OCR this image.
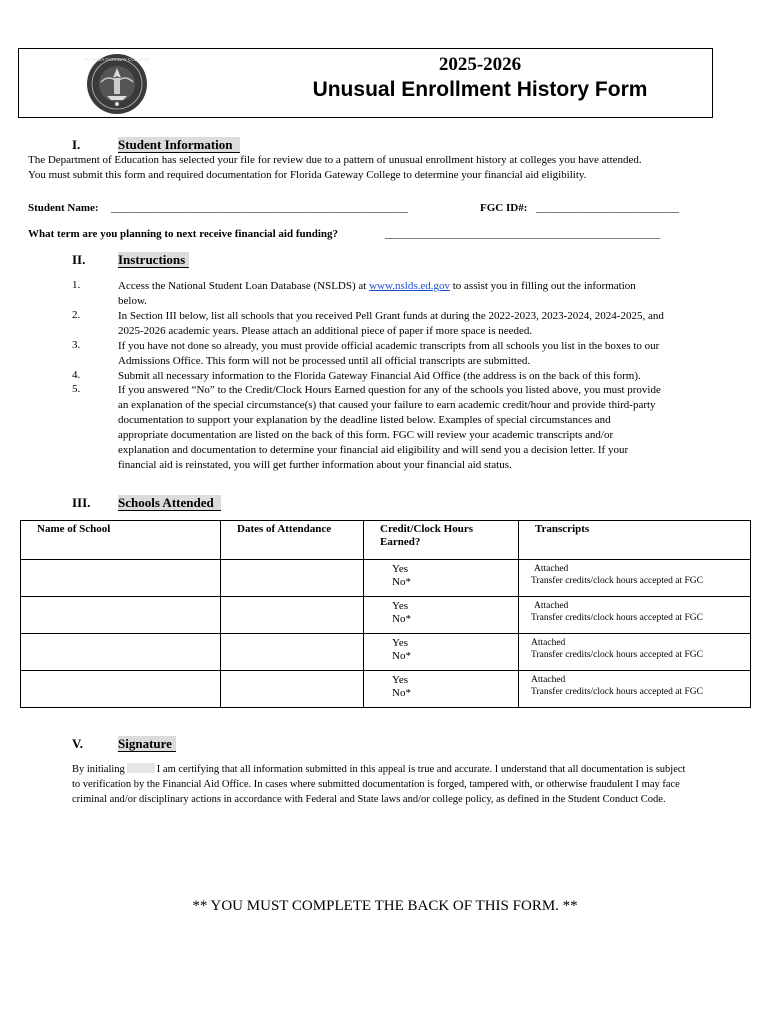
FLORIDA GATEWAY COLLEGE	2025-2026
Unusual Enrollment History Form
I.	Student Information
The Department of Education has selected your file for review due to a pattern of unusual enrollment history at colleges you have attended.
You must submit this form and required documentation for Florida Gateway College to determine your financial aid eligibility.
Student Name: ______________________________________________________	FGC ID#: __________________________
What term are you planning to next receive financial aid funding?	__________________________________________________
II.	Instructions
1.	Access the National Student Loan Database (NSLDS) at www.nslds.ed.gov to assist you in filling out the information
below.
2.	In Section III below, list all schools that you received Pell Grant funds at during the 2022-2023, 2023-2024, 2024-2025, and
2025-2026 academic years. Please attach an additional piece of paper if more space is needed.
3.	If you have not done so already, you must provide official academic transcripts from all schools you list in the boxes to our
Admissions Office. This form will not be processed until all official transcripts are submitted.
4.	Submit all necessary information to the Florida Gateway Financial Aid Office (the address is on the back of this form).
5.	If you answered “No” to the Credit/Clock Hours Earned question for any of the schools you listed above, you must provide
an explanation of the special circumstance(s) that caused your failure to earn academic credit/hour and provide third-party
documentation to support your explanation by the deadline listed below. Examples of special circumstances and
appropriate documentation are listed on the back of this form. FGC will review your academic transcripts and/or
explanation and documentation to determine your financial aid eligibility and will send you a decision letter. If your
financial aid is reinstated, you will get further information about your financial aid status.
III. Schools Attended
Name of School	Dates of Attendance	Credit/Clock Hours
Earned?	Transcripts

		Yes
No*	Attached
Transfer credits/clock hours accepted at FGC

		Yes
No*	Attached
Transfer credits/clock hours accepted at FGC

		Yes
No*	Attached
Transfer credits/clock hours accepted at FGC

		Yes
No*	Attached
Transfer credits/clock hours accepted at FGC
V.	Signature
By initialing	I am certifying that all information submitted in this appeal is true and accurate. I understand that all documentation is subject
to verification by the Financial Aid Office. In cases where submitted documentation is forged, tampered with, or otherwise fraudulent I may face
criminal and/or disciplinary actions in accordance with Federal and State laws and/or college policy, as defined in the Student Conduct Code.
** YOU MUST COMPLETE THE BACK OF THIS FORM. **
